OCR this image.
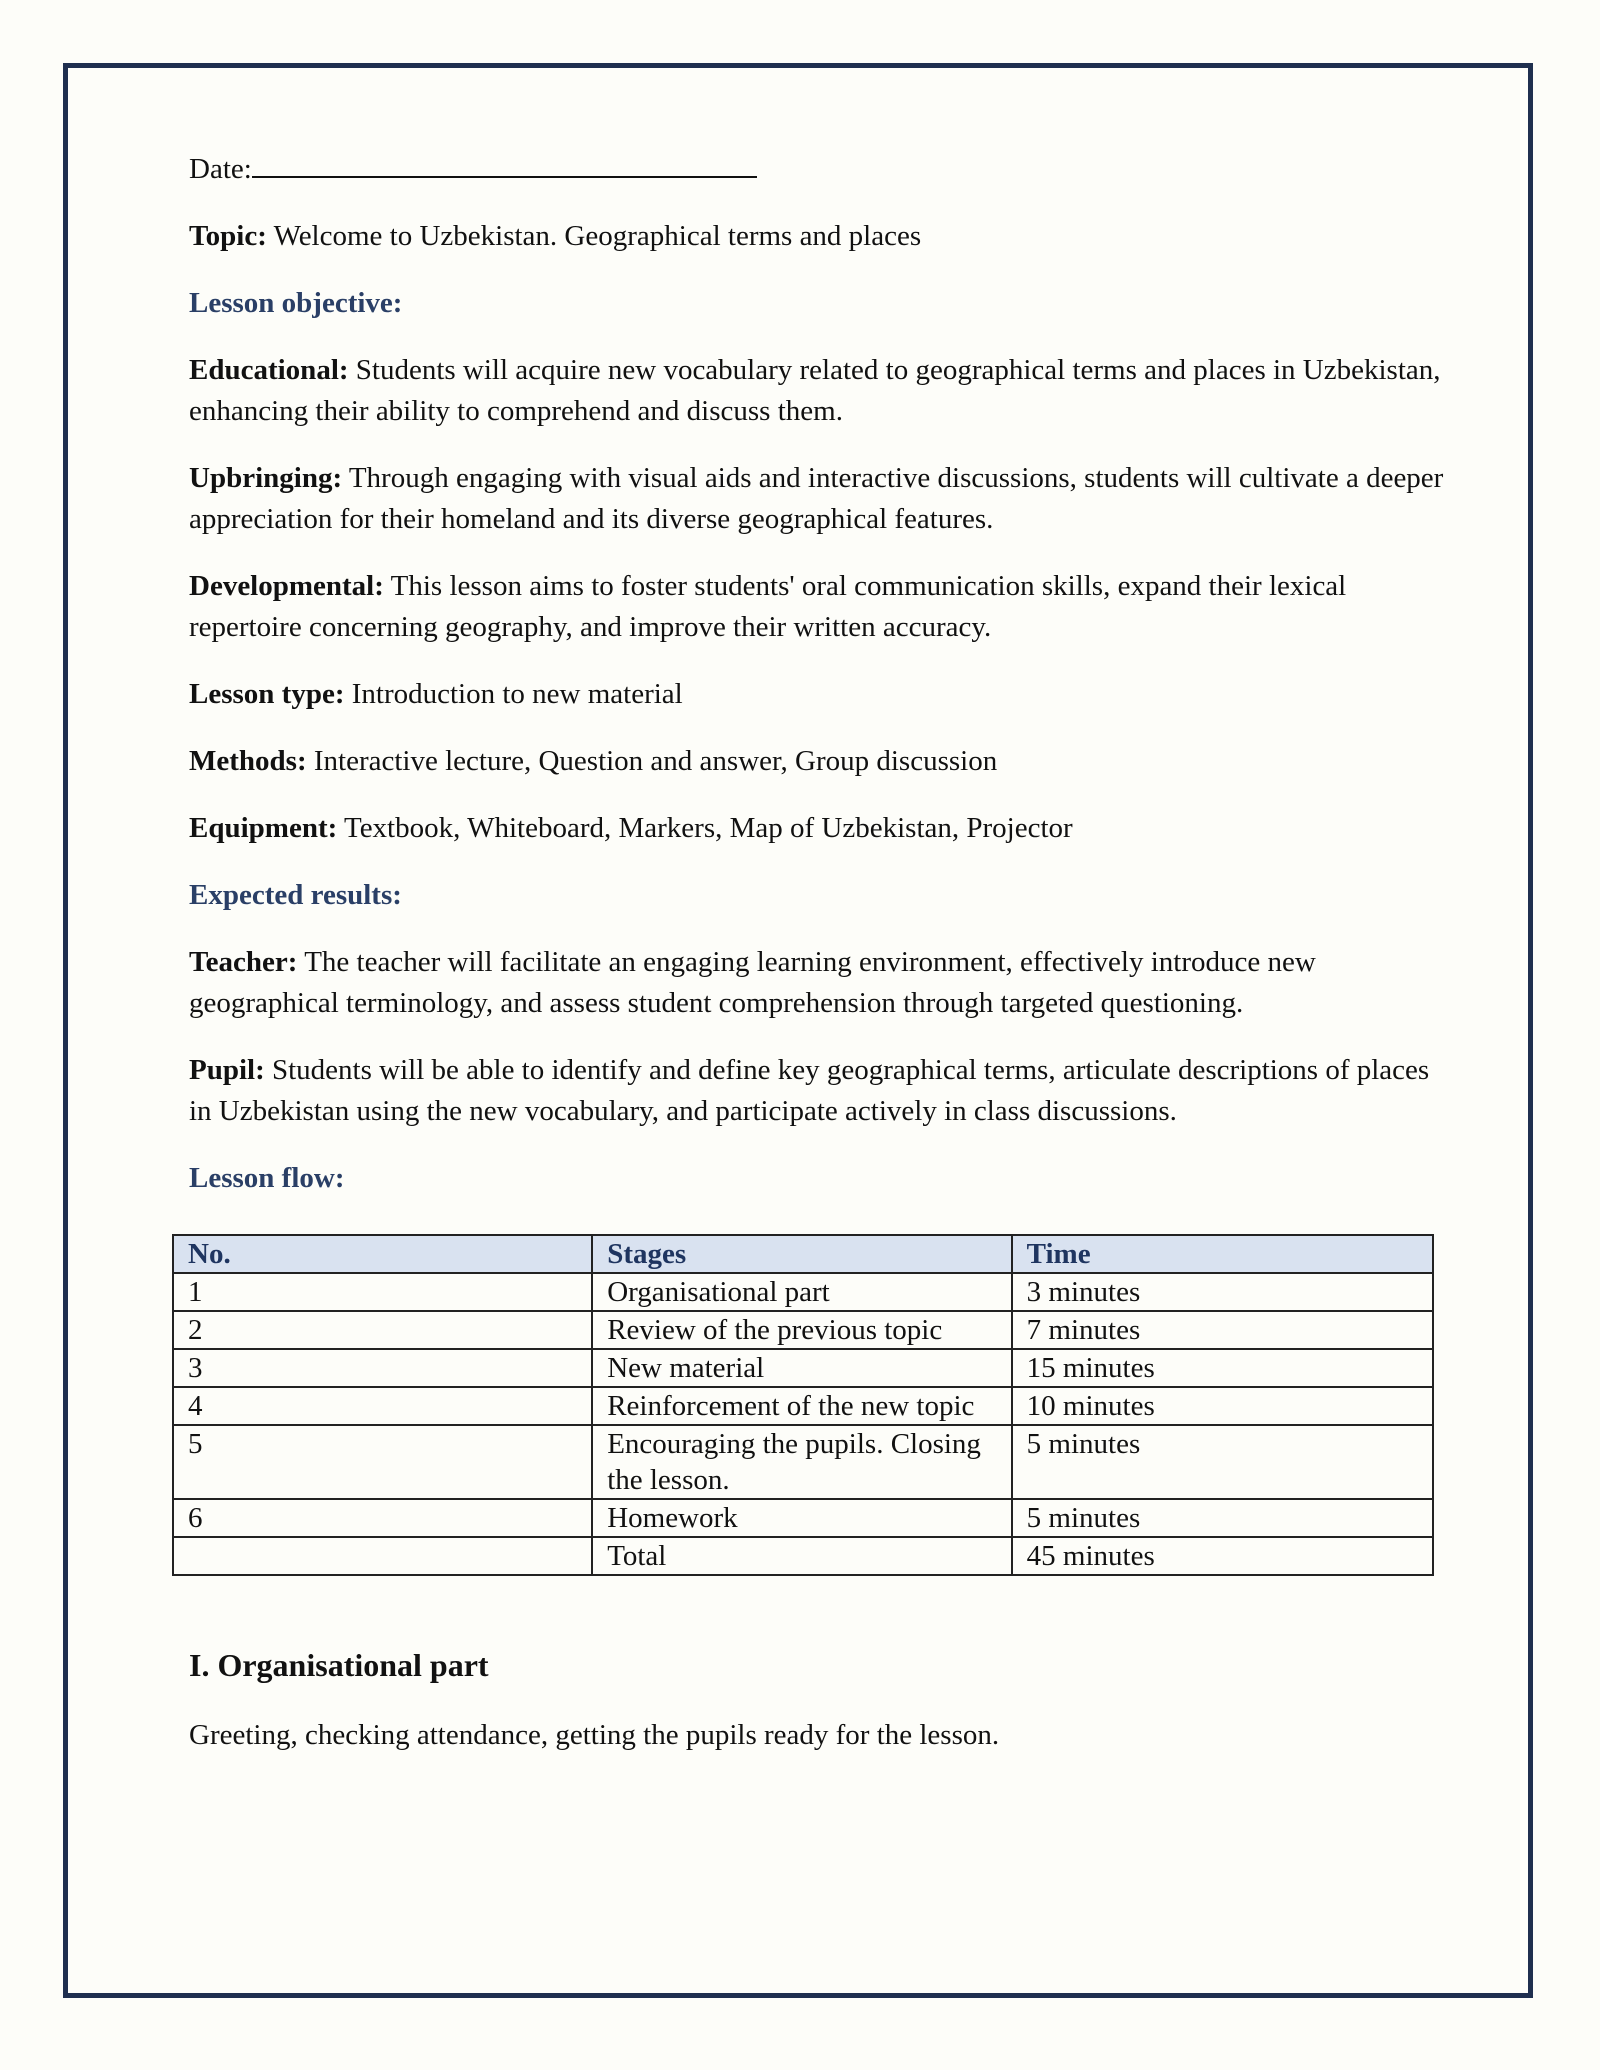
Date:

Topic: Welcome to Uzbekistan. Geographical terms and places

Lesson objective:

Educational: Students will acquire new vocabulary related to geographical terms and places in Uzbekistan, enhancing their ability to comprehend and discuss them.

Upbringing: Through engaging with visual aids and interactive discussions, students will cultivate a deeper appreciation for their homeland and its diverse geographical features.

Developmental: This lesson aims to foster students' oral communication skills, expand their lexical repertoire concerning geography, and improve their written accuracy.

Lesson type: Introduction to new material

Methods: Interactive lecture, Question and answer, Group discussion

Equipment: Textbook, Whiteboard, Markers, Map of Uzbekistan, Projector

Expected results:

Teacher: The teacher will facilitate an engaging learning environment, effectively introduce new geographical terminology, and assess student comprehension through targeted questioning.

Pupil: Students will be able to identify and define key geographical terms, articulate descriptions of places in Uzbekistan using the new vocabulary, and participate actively in class discussions.

Lesson flow:

No.	Stages	Time
1	Organisational part	3 minutes
2	Review of the previous topic	7 minutes
3	New material	15 minutes
4	Reinforcement of the new topic	10 minutes
5	Encouraging the pupils. Closing the lesson.	5 minutes
6	Homework	5 minutes
	Total	45 minutes
I. Organisational part

Greeting, checking attendance, getting the pupils ready for the lesson.
